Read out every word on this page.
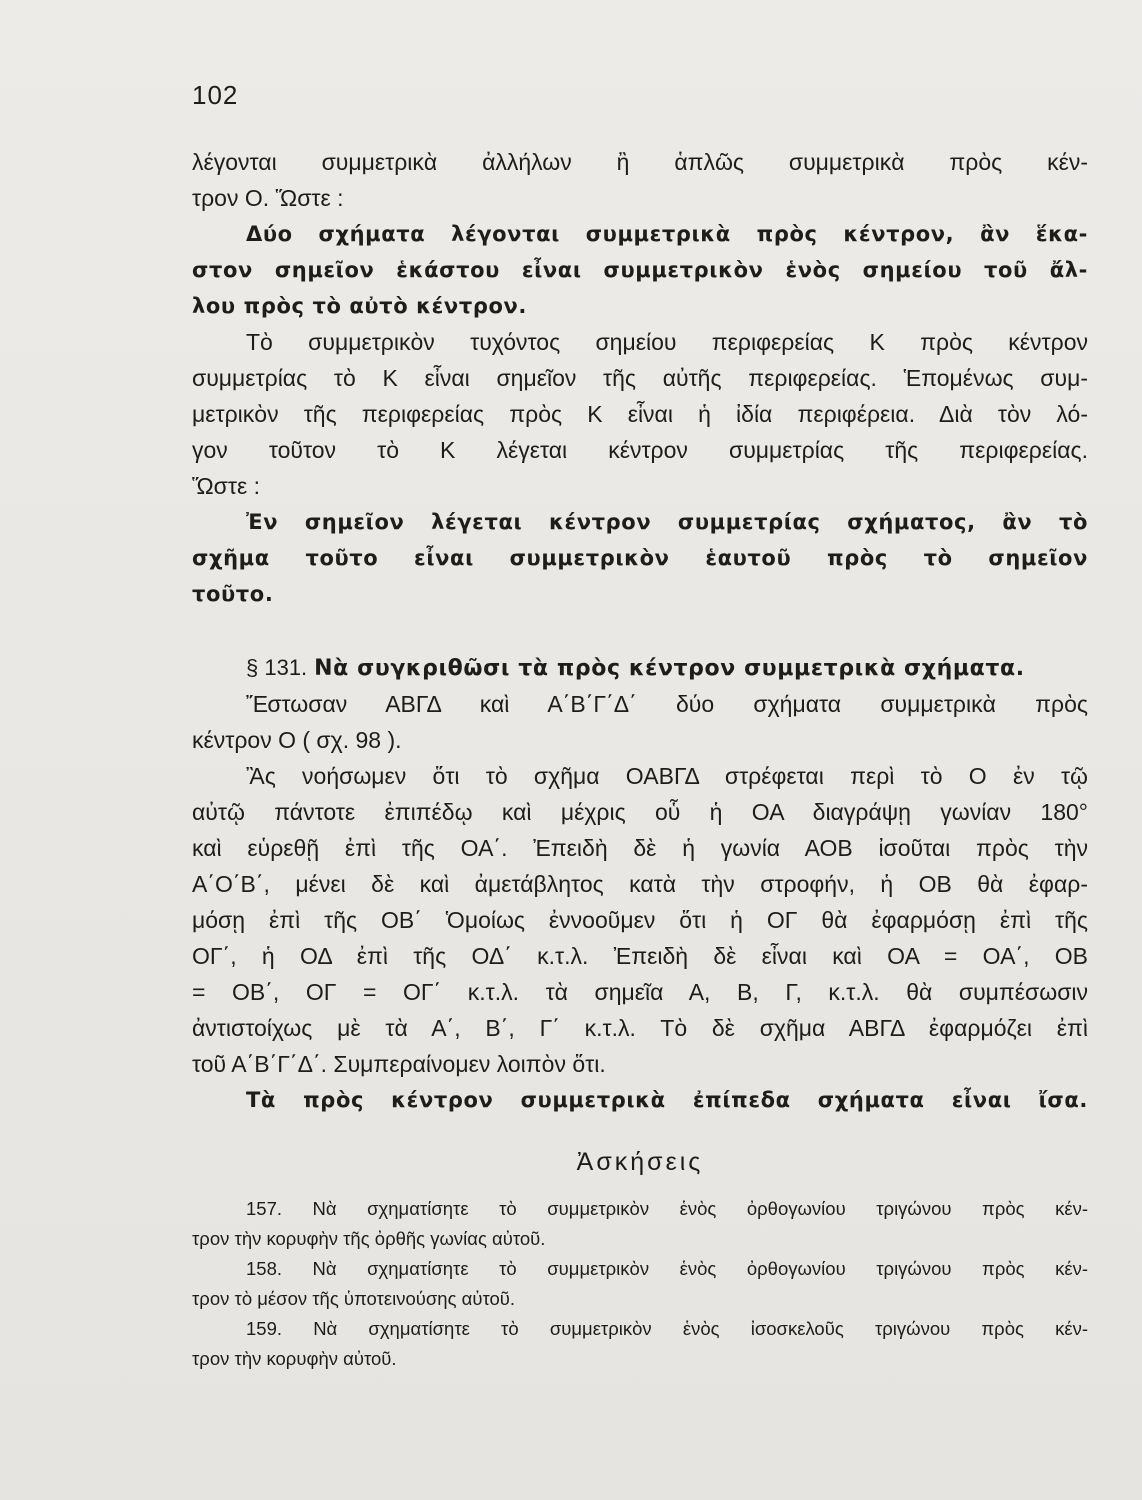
102
λέγονται συμμετρικὰ ἀλλήλων ἢ ἁπλῶς συμμετρικὰ πρὸς κέν-
τρον Ο. Ὥστε :
Δύο σχήματα λέγονται συμμετρικὰ πρὸς κέντρον, ἂν ἕκα-
στον σημεῖον ἑκάστου εἶναι συμμετρικὸν ἑνὸς σημείου τοῦ ἄλ-
λου πρὸς τὸ αὐτὸ κέντρον.
Τὸ συμμετρικὸν τυχόντος σημείου περιφερείας Κ πρὸς κέντρον
συμμετρίας τὸ Κ εἶναι σημεῖον τῆς αὐτῆς περιφερείας. Ἑπομένως συμ-
μετρικὸν τῆς περιφερείας πρὸς Κ εἶναι ἡ ἰδία περιφέρεια. Διὰ τὸν λό-
γον τοῦτον τὸ Κ λέγεται κέντρον συμμετρίας τῆς περιφερείας.
Ὥστε :
Ἐν σημεῖον λέγεται κέντρον συμμετρίας σχήματος, ἂν τὸ
σχῆμα τοῦτο εἶναι συμμετρικὸν ἑαυτοῦ πρὸς τὸ σημεῖον
τοῦτο.
§ 131. Νὰ συγκριθῶσι τὰ πρὸς κέντρον συμμετρικὰ σχήματα.
Ἔστωσαν ΑΒΓΔ καὶ Α΄Β΄Γ΄Δ΄ δύο σχήματα συμμετρικὰ πρὸς
κέντρον Ο ( σχ. 98 ).
Ἂς νοήσωμεν ὅτι τὸ σχῆμα ΟΑΒΓΔ στρέφεται περὶ τὸ Ο ἐν τῷ
αὐτῷ πάντοτε ἐπιπέδῳ καὶ μέχρις οὗ ἡ ΟΑ διαγράψῃ γωνίαν 180°
καὶ εὑρεθῇ ἐπὶ τῆς ΟΑ΄. Ἐπειδὴ δὲ ἡ γωνία ΑΟΒ ἰσοῦται πρὸς τὴν
Α΄Ο΄Β΄, μένει δὲ καὶ ἀμετάβλητος κατὰ τὴν στροφήν, ἡ ΟΒ θὰ ἐφαρ-
μόσῃ ἐπὶ τῆς ΟΒ΄ Ὁμοίως ἐννοοῦμεν ὅτι ἡ ΟΓ θὰ ἐφαρμόσῃ ἐπὶ τῆς
ΟΓ΄, ἡ ΟΔ ἐπὶ τῆς ΟΔ΄ κ.τ.λ. Ἐπειδὴ δὲ εἶναι καὶ ΟΑ = ΟΑ΄, ΟΒ
= ΟΒ΄, ΟΓ = ΟΓ΄ κ.τ.λ. τὰ σημεῖα Α, Β, Γ, κ.τ.λ. θὰ συμπέσωσιν
ἀντιστοίχως μὲ τὰ Α΄, Β΄, Γ΄ κ.τ.λ. Τὸ δὲ σχῆμα ΑΒΓΔ ἐφαρμόζει ἐπὶ
τοῦ Α΄Β΄Γ΄Δ΄. Συμπεραίνομεν λοιπὸν ὅτι.
Τὰ πρὸς κέντρον συμμετρικὰ ἐπίπεδα σχήματα εἶναι ἴσα.
Ἀσκήσεις
157. Νὰ σχηματίσητε τὸ συμμετρικὸν ἑνὸς ὀρθογωνίου τριγώνου πρὸς κέν-
τρον τὴν κορυφὴν τῆς ὀρθῆς γωνίας αὐτοῦ.
158. Νὰ σχηματίσητε τὸ συμμετρικὸν ἑνὸς ὀρθογωνίου τριγώνου πρὸς κέν-
τρον τὸ μέσον τῆς ὑποτεινούσης αὐτοῦ.
159. Νὰ σχηματίσητε τὸ συμμετρικὸν ἑνὸς ἰσοσκελοῦς τριγώνου πρὸς κέν-
τρον τὴν κορυφὴν αὐτοῦ.
